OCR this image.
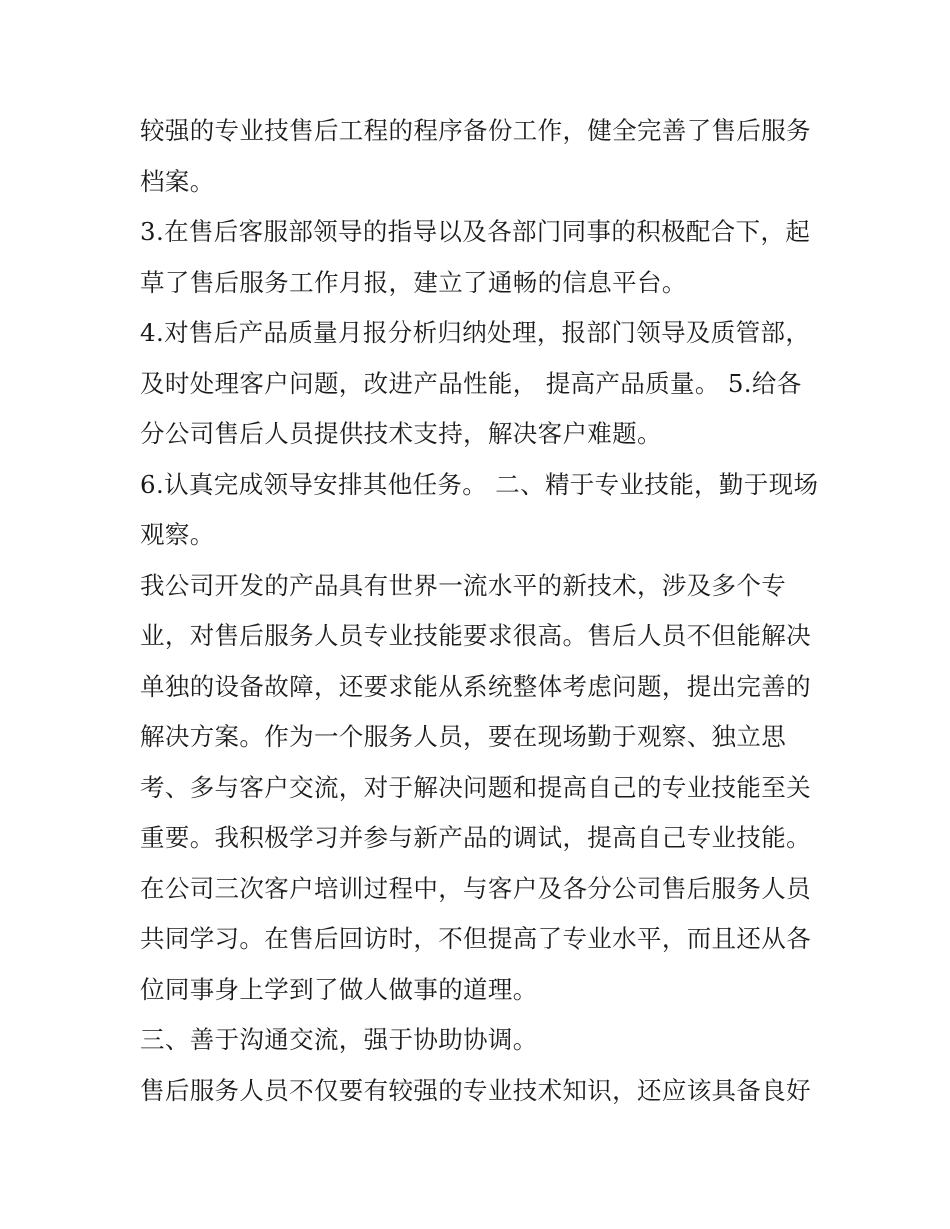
较强的专业技售后工程的程序备份工作，健全完善了售后服务

档案。

3.在售后客服部领导的指导以及各部门同事的积极配合下，起

草了售后服务工作月报，建立了通畅的信息平台。

4.对售后产品质量月报分析归纳处理，报部门领导及质管部，

及时处理客户问题，改进产品性能， 提高产品质量。 5.给各

分公司售后人员提供技术支持，解决客户难题。

6.认真完成领导安排其他任务。 二、精于专业技能，勤于现场

观察。

我公司开发的产品具有世界一流水平的新技术，涉及多个专

业，对售后服务人员专业技能要求很高。售后人员不但能解决

单独的设备故障，还要求能从系统整体考虑问题，提出完善的

解决方案。作为一个服务人员，要在现场勤于观察、独立思

考、多与客户交流，对于解决问题和提高自己的专业技能至关

重要。我积极学习并参与新产品的调试，提高自己专业技能。

在公司三次客户培训过程中，与客户及各分公司售后服务人员

共同学习。在售后回访时，不但提高了专业水平，而且还从各

位同事身上学到了做人做事的道理。

三、善于沟通交流，强于协助协调。

售后服务人员不仅要有较强的专业技术知识，还应该具备良好
